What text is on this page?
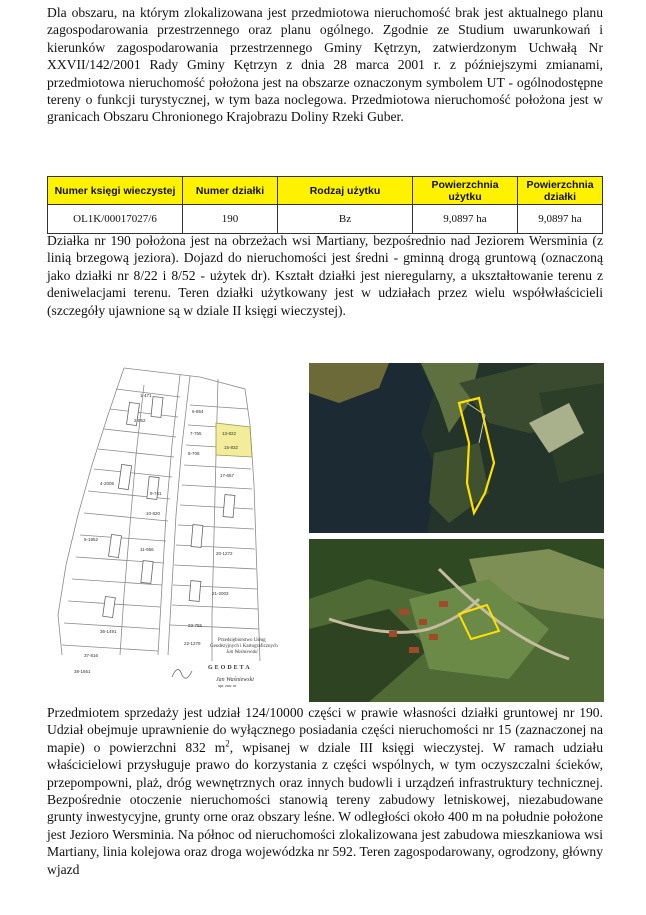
Dla obszaru, na którym zlokalizowana jest przedmiotowa nieruchomość brak jest aktualnego planu zagospodarowania przestrzennego oraz planu ogólnego. Zgodnie ze Studium uwarunkowań i kierunków zagospodarowania przestrzennego Gminy Kętrzyn, zatwierdzonym Uchwałą Nr XXVII/142/2001 Rady Gminy Kętrzyn z dnia 28 marca 2001 r. z późniejszymi zmianami, przedmiotowa nieruchomość położona jest na obszarze oznaczonym symbolem UT - ogólnodostępne tereny o funkcji turystycznej, w tym baza noclegowa. Przedmiotowa nieruchomość położona jest w granicach Obszaru Chronionego Krajobrazu Doliny Rzeki Guber.

Numer księgi wieczystej	Numer działki	Rodzaj użytku	Powierzchnia użytku	Powierzchnia działki
OL1K/00017027/6	190	Bz	9,0897 ha	9,0897 ha

Działka nr 190 położona jest na obrzeżach wsi Martiany, bezpośrednio nad Jeziorem Wersminia (z linią brzegową jeziora). Dojazd do nieruchomości jest średni - gminną drogą gruntową (oznaczoną jako działki nr 8/22 i 8/52 - użytek dr). Kształt działki jest nieregularny, a ukształtowanie terenu z deniwelacjami terenu. Teren działki użytkowany jest w udziałach przez wielu współwłaścicieli (szczegóły ujawnione są w dziale II księgi wieczystej).

1-471
2-852
4-2005
5-1952
6-854
7-755
8-708
9-741
10-820
11-956
13-822
15-832
17-657
20-1272
21-2003
22-1279
23-755
36-1491
37-816
38-1651
Przedsiębiorstwo Usług
Geodezyjnych i Kartograficznych
Jan Waśniewski
GEODETA
Jan Waśniewski
upr. zaw. nr

Przedmiotem sprzedaży jest udział 124/10000 części w prawie własności działki gruntowej nr 190. Udział obejmuje uprawnienie do wyłącznego posiadania części nieruchomości nr 15 (zaznaczonej na mapie) o powierzchni 832 $m^2$, wpisanej w dziale III księgi wieczystej. W ramach udziału właścicielowi przysługuje prawo do korzystania z części wspólnych, w tym oczyszczalni ścieków, przepompowni, plaż, dróg wewnętrznych oraz innych budowli i urządzeń infrastruktury technicznej. Bezpośrednie otoczenie nieruchomości stanowią tereny zabudowy letniskowej, niezabudowane grunty inwestycyjne, grunty orne oraz obszary leśne. W odległości około 400 m na południe położone jest Jezioro Wersminia. Na północ od nieruchomości zlokalizowana jest zabudowa mieszkaniowa wsi Martiany, linia kolejowa oraz droga wojewódzka nr 592. Teren zagospodarowany, ogrodzony, główny wjazd
